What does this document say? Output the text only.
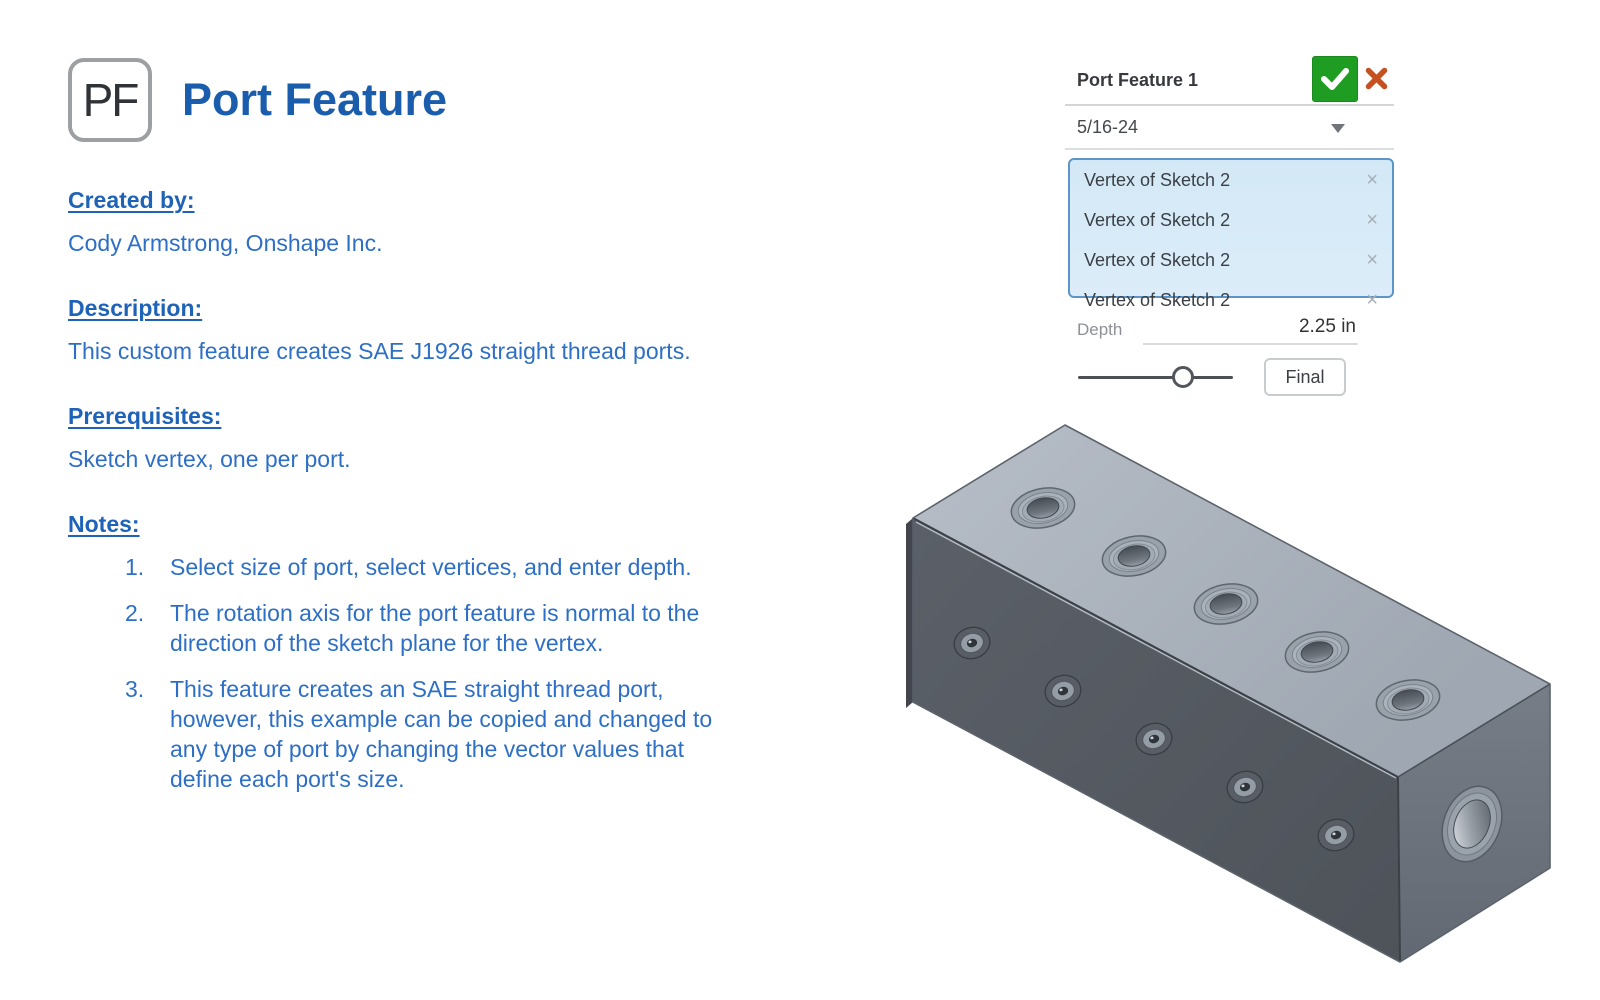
PF Port Feature
Created by:

Cody Armstrong, Onshape Inc.

Description:

This custom feature creates SAE J1926 straight thread ports.

Prerequisites:

Sketch vertex, one per port.

Notes:
1. Select size of port, select vertices, and enter depth.
2. The rotation axis for the port feature is normal to the direction of the sketch plane for the vertex.
3. This feature creates an SAE straight thread port, however, this example can be copied and changed to any type of port by changing the vector values that define each port's size.
Port Feature 1
5/16-24
Vertex of Sketch 2	×
Vertex of Sketch 2	×
Vertex of Sketch 2	×
Vertex of Sketch 2	×
Depth	2.25 in
Final
